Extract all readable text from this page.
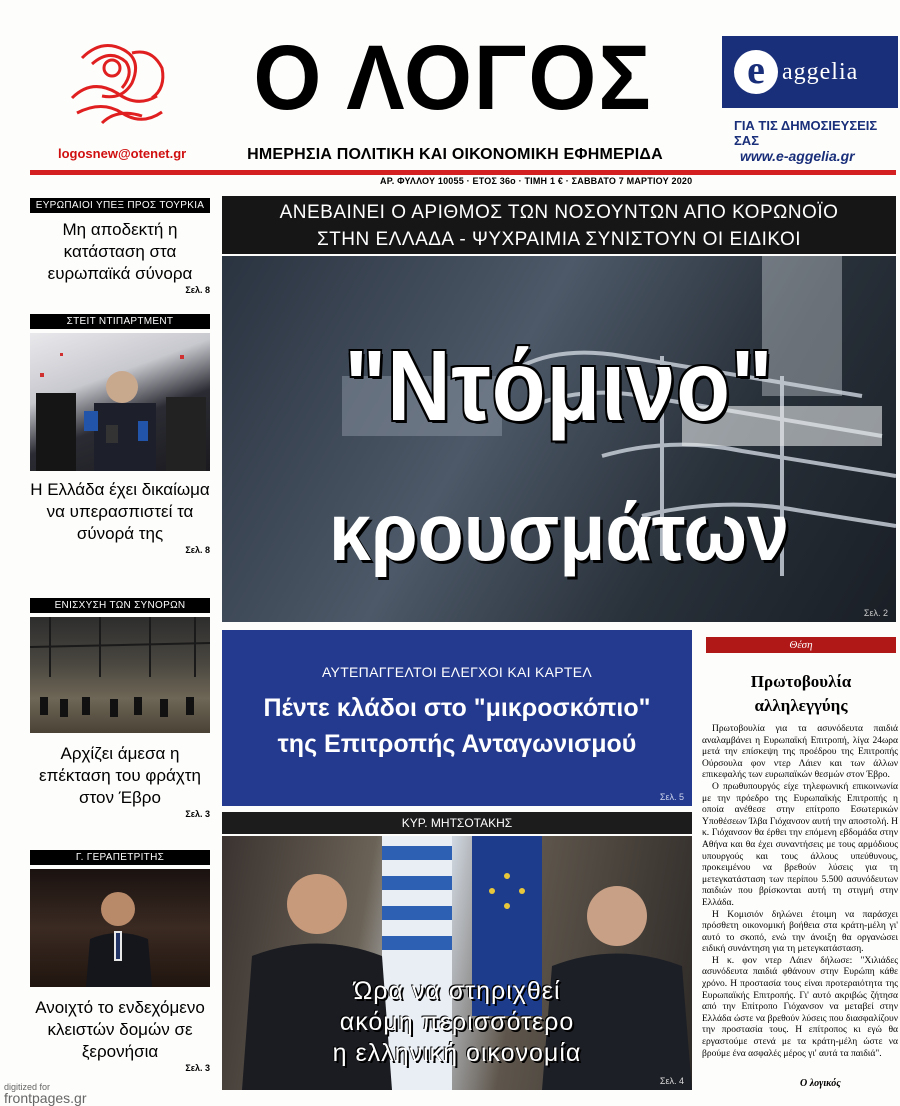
Ο ΛΟΓΟΣ
ΗΜΕΡΗΣΙΑ ΠΟΛΙΤΙΚΗ ΚΑΙ ΟΙΚΟΝΟΜΙΚΗ ΕΦΗΜΕΡΙΔΑ
logosnew@otenet.gr
e aggelia
ΓΙΑ ΤΙΣ ΔΗΜΟΣΙΕΥΣΕΙΣ ΣΑΣ
www.e-aggelia.gr
ΑΡ. ΦΥΛΛΟΥ 10055 · ΕΤΟΣ 36ο · ΤΙΜΗ 1 € · ΣΑΒΒΑΤΟ 7 ΜΑΡΤΙΟΥ 2020
ΕΥΡΩΠΑΙΟΙ ΥΠΕΞ ΠΡΟΣ ΤΟΥΡΚΙΑ
Μη αποδεκτή η κατάσταση στα ευρωπαϊκά σύνορα
Σελ. 8
ΣΤΕΙΤ ΝΤΙΠΑΡΤΜΕΝΤ
Η Ελλάδα έχει δικαίωμα να υπερασπιστεί τα σύνορά της
Σελ. 8
ΕΝΙΣΧΥΣΗ ΤΩΝ ΣΥΝΟΡΩΝ
Αρχίζει άμεσα η επέκταση του φράχτη στον Έβρο
Σελ. 3
Γ. ΓΕΡΑΠΕΤΡΙΤΗΣ
Ανοιχτό το ενδεχόμενο κλειστών δομών σε ξερονήσια
Σελ. 3
ΑΝΕΒΑΙΝΕΙ Ο ΑΡΙΘΜΟΣ ΤΩΝ ΝΟΣΟΥΝΤΩΝ ΑΠΟ ΚΟΡΩΝΟΪΟ
ΣΤΗΝ ΕΛΛΑΔΑ - ΨΥΧΡΑΙΜΙΑ ΣΥΝΙΣΤΟΥΝ ΟΙ ΕΙΔΙΚΟΙ
"Ντόμινο"
κρουσμάτων
Σελ. 2
ΑΥΤΕΠΑΓΓΕΛΤΟΙ ΕΛΕΓΧΟΙ ΚΑΙ ΚΑΡΤΕΛ
Πέντε κλάδοι στο "μικροσκόπιο"
της Επιτροπής Ανταγωνισμού
Σελ. 5
ΚΥΡ. ΜΗΤΣΟΤΑΚΗΣ
Ώρα να στηριχθεί
ακόμη περισσότερο
η ελληνική οικονομία
Σελ. 4
Θέση
Πρωτοβουλία
αλληλεγγύης

Πρωτοβουλία για τα ασυνόδευτα παιδιά αναλαμβάνει η Ευρωπαϊκή Επιτροπή, λίγα 24ωρα μετά την επίσκεψη της προέδρου της Επιτροπής Ούρσουλα φον ντερ Λάιεν και των άλλων επικεφαλής των ευρωπαϊκών θεσμών στον Έβρο.

Ο πρωθυπουργός είχε τηλεφωνική επικοινωνία με την πρόεδρο της Ευρωπαϊκής Επιτροπής η οποία ανέθεσε στην επίτροπο Εσωτερικών Υποθέσεων Ίλβα Γιόχανσον αυτή την αποστολή. Η κ. Γιόχανσον θα έρθει την επόμενη εβδομάδα στην Αθήνα και θα έχει συναντήσεις με τους αρμόδιους υπουργούς και τους άλλους υπεύθυνους, προκειμένου να βρεθούν λύσεις για τη μετεγκατάσταση των περίπου 5.500 ασυνόδευτων παιδιών που βρίσκονται αυτή τη στιγμή στην Ελλάδα.

Η Κομισιόν δηλώνει έτοιμη να παράσχει πρόσθετη οικονομική βοήθεια στα κράτη-μέλη γι' αυτό το σκοπό, ενώ την άνοιξη θα οργανώσει ειδική συνάντηση για τη μετεγκατάσταση.

Η κ. φον ντερ Λάιεν δήλωσε: "Χιλιάδες ασυνόδευτα παιδιά φθάνουν στην Ευρώπη κάθε χρόνο. Η προστασία τους είναι προτεραιότητα της Ευρωπαϊκής Επιτροπής. Γι' αυτό ακριβώς ζήτησα από την Επίτροπο Γιόχανσον να μεταβεί στην Ελλάδα ώστε να βρεθούν λύσεις που διασφαλίζουν την προστασία τους. Η επίτροπος κι εγώ θα εργαστούμε στενά με τα κράτη-μέλη ώστε να βρούμε ένα ασφαλές μέρος γι' αυτά τα παιδιά".

Ο λογικός
digitized for
frontpages.gr
